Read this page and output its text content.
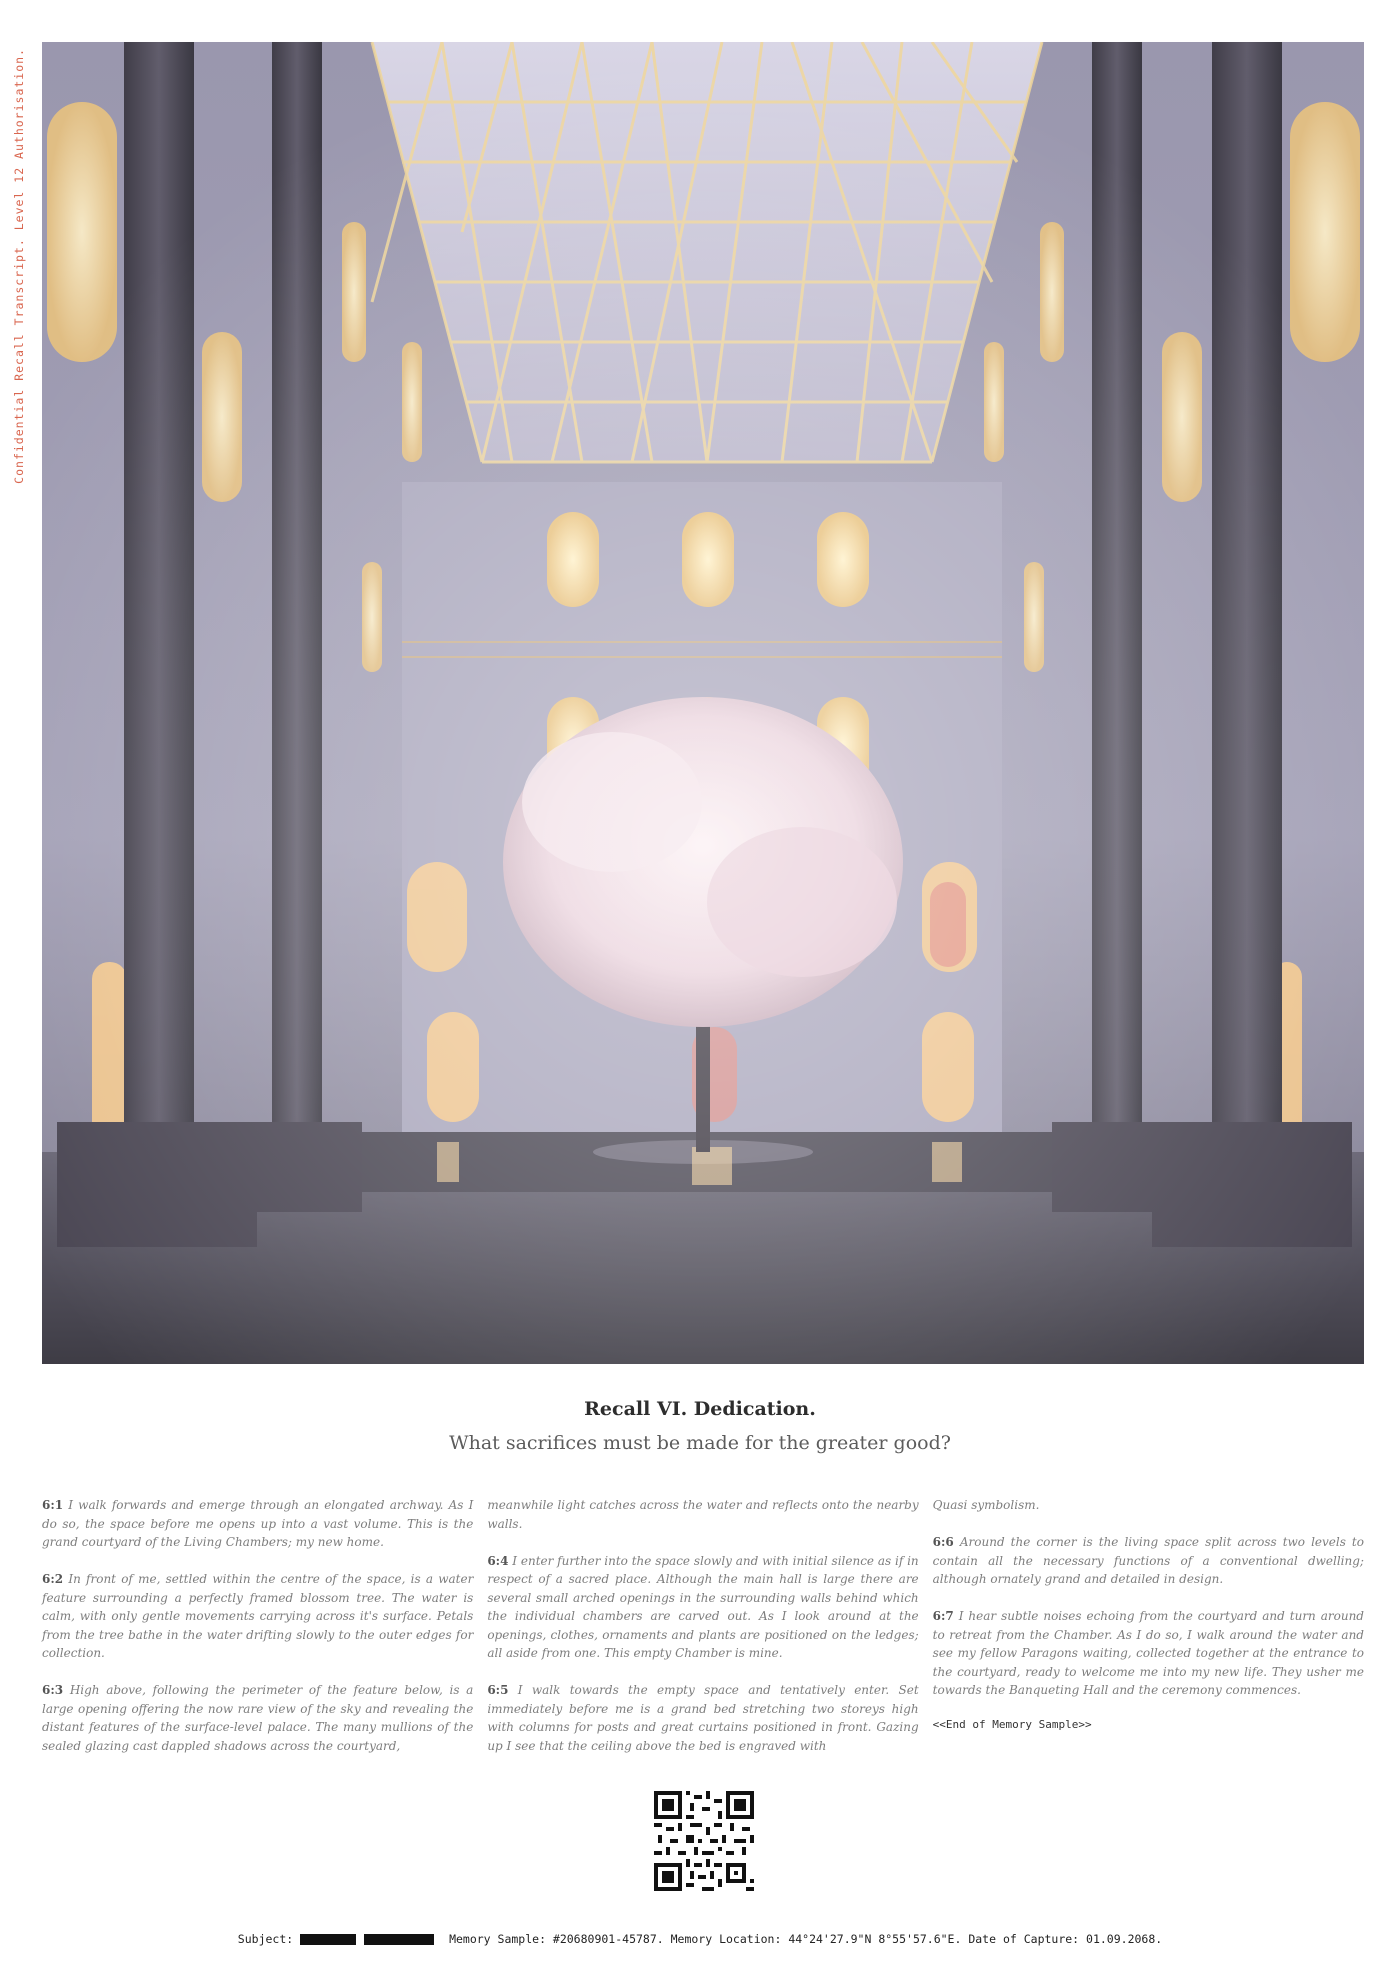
Confidential Recall Transcript. Level 12 Authorisation.

Recall VI. Dedication.

What sacrifices must be made for the greater good?

6:1 I walk forwards and emerge through an elongated archway. As I do so, the space before me opens up into a vast volume. This is the grand courtyard of the Living Chambers; my new home.

6:2 In front of me, settled within the centre of the space, is a water feature surrounding a perfectly framed blossom tree. The water is calm, with only gentle movements carrying across it's surface. Petals from the tree bathe in the water drifting slowly to the outer edges for collection.

6:3 High above, following the perimeter of the feature below, is a large opening offering the now rare view of the sky and revealing the distant features of the surface-level palace. The many mullions of the sealed glazing cast dappled shadows across the courtyard,

meanwhile light catches across the water and reflects onto the nearby walls.

6:4 I enter further into the space slowly and with initial silence as if in respect of a sacred place. Although the main hall is large there are several small arched openings in the surrounding walls behind which the individual chambers are carved out. As I look around at the openings, clothes, ornaments and plants are positioned on the ledges; all aside from one. This empty Chamber is mine.

6:5 I walk towards the empty space and tentatively enter. Set immediately before me is a grand bed stretching two storeys high with columns for posts and great curtains positioned in front. Gazing up I see that the ceiling above the bed is engraved with

Quasi symbolism.

6:6 Around the corner is the living space split across two levels to contain all the necessary functions of a conventional dwelling; although ornately grand and detailed in design.

6:7 I hear subtle noises echoing from the courtyard and turn around to retreat from the Chamber. As I do so, I walk around the water and see my fellow Paragons waiting, collected together at the entrance to the courtyard, ready to welcome me into my new life. They usher me towards the Banqueting Hall and the ceremony commences.

<<End of Memory Sample>>
Subject:	Memory Sample: #20680901-45787. Memory Location: 44°24'27.9"N 8°55'57.6"E. Date of Capture: 01.09.2068.
